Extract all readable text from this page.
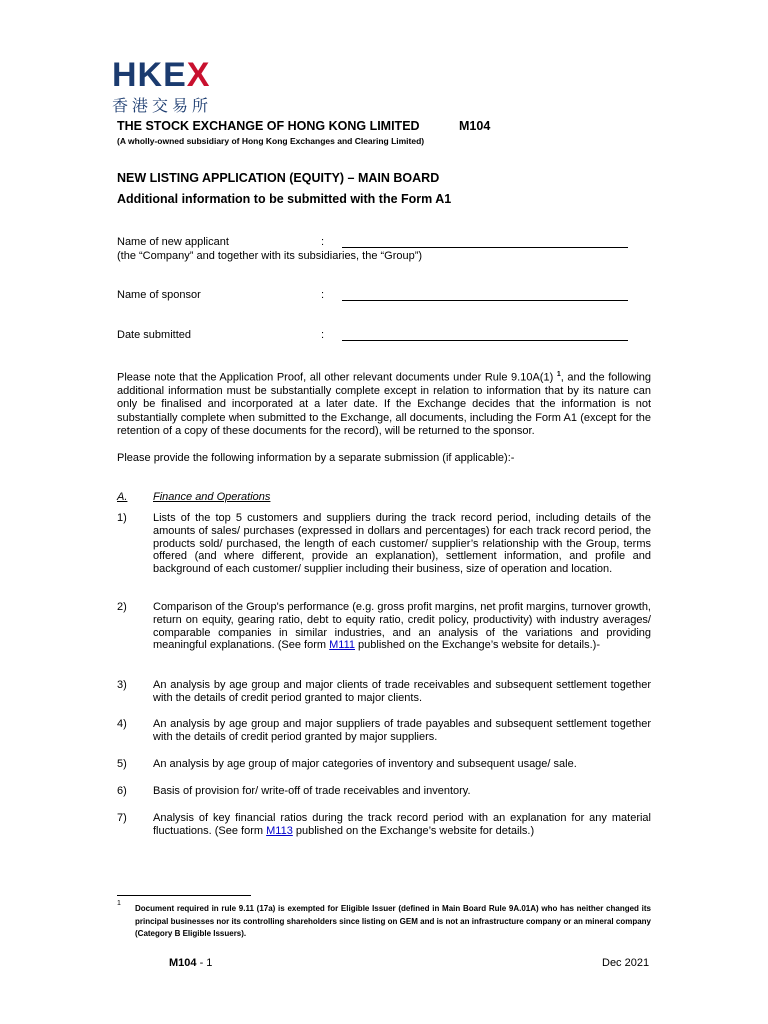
HKEX
香港交易所
THE STOCK EXCHANGE OF HONG KONG LIMITED	M104
(A wholly-owned subsidiary of Hong Kong Exchanges and Clearing Limited)
NEW LISTING APPLICATION (EQUITY) – MAIN BOARD
Additional information to be submitted with the Form A1
Name of new applicant	:
(the “Company” and together with its subsidiaries, the “Group”)
Name of sponsor	:
Date submitted	:
Please note that the Application Proof, all other relevant documents under Rule 9.10A(1) $^1$, and the following additional information must be substantially complete except in relation to information that by its nature can only be finalised and incorporated at a later date. If the Exchange decides that the information is not substantially complete when submitted to the Exchange, all documents, including the Form A1 (except for the retention of a copy of these documents for the record), will be returned to the sponsor.
Please provide the following information by a separate submission (if applicable):-
A. Finance and Operations
1) Lists of the top 5 customers and suppliers during the track record period, including details of the amounts of sales/ purchases (expressed in dollars and percentages) for each track record period, the products sold/ purchased, the length of each customer/ supplier’s relationship with the Group, terms offered (and where different, provide an explanation), settlement information, and profile and background of each customer/ supplier including their business, size of operation and location.
2) Comparison of the Group's performance (e.g. gross profit margins, net profit margins, turnover growth, return on equity, gearing ratio, debt to equity ratio, credit policy, productivity) with industry averages/ comparable companies in similar industries, and an analysis of the variations and providing meaningful explanations. (See form M111 published on the Exchange’s website for details.)-
3) An analysis by age group and major clients of trade receivables and subsequent settlement together with the details of credit period granted to major clients.
4) An analysis by age group and major suppliers of trade payables and subsequent settlement together with the details of credit period granted by major suppliers.
5) An analysis by age group of major categories of inventory and subsequent usage/ sale.
6) Basis of provision for/ write-off of trade receivables and inventory.
7) Analysis of key financial ratios during the track record period with an explanation for any material fluctuations. (See form M113 published on the Exchange’s website for details.)
1
Document required in rule 9.11 (17a) is exempted for Eligible Issuer (defined in Main Board Rule 9A.01A) who has neither changed its principal businesses nor its controlling shareholders since listing on GEM and is not an infrastructure company or an mineral company (Category B Eligible Issuers).
M104 - 1	Dec 2021
